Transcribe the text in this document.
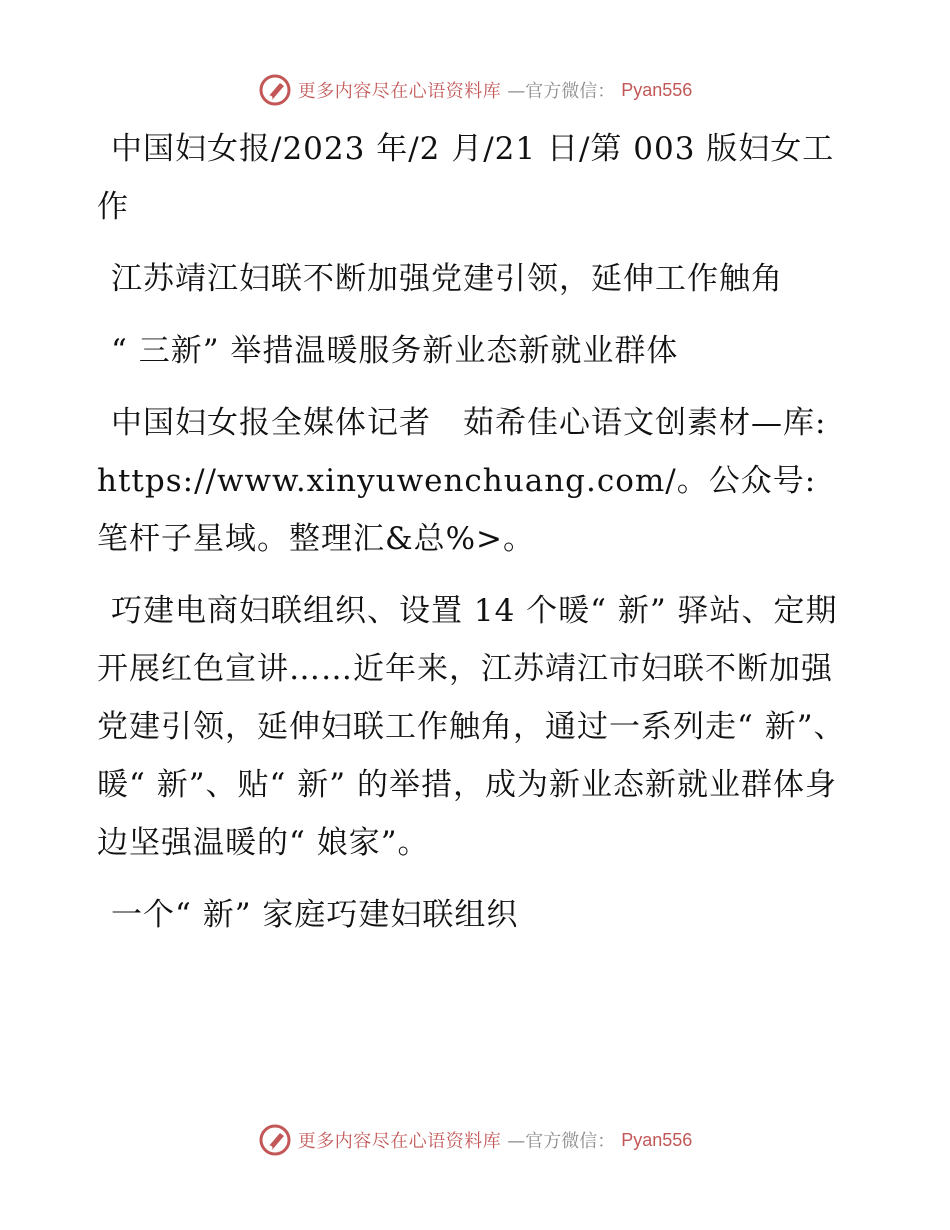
更多内容尽在心语资料库 —官方微信： Pyan556

中国妇女报/2023 年/2 月/21 日/第 003 版妇女工作

江苏靖江妇联不断加强党建引领，延伸工作触角

“ 三新” 举措温暖服务新业态新就业群体

中国妇女报全媒体记者　茹希佳心语文创素材—库: https://www.xinyuwenchuang.com/。公众号: 笔杆子星域。整理汇&总%>。

巧建电商妇联组织、设置 14 个暖“ 新” 驿站、定期开展红色宣讲……近年来，江苏靖江市妇联不断加强党建引领，延伸妇联工作触角，通过一系列走“ 新”、暖“ 新”、贴“ 新” 的举措，成为新业态新就业群体身边坚强温暖的“ 娘家”。

一个“ 新” 家庭巧建妇联组织

更多内容尽在心语资料库 —官方微信： Pyan556
